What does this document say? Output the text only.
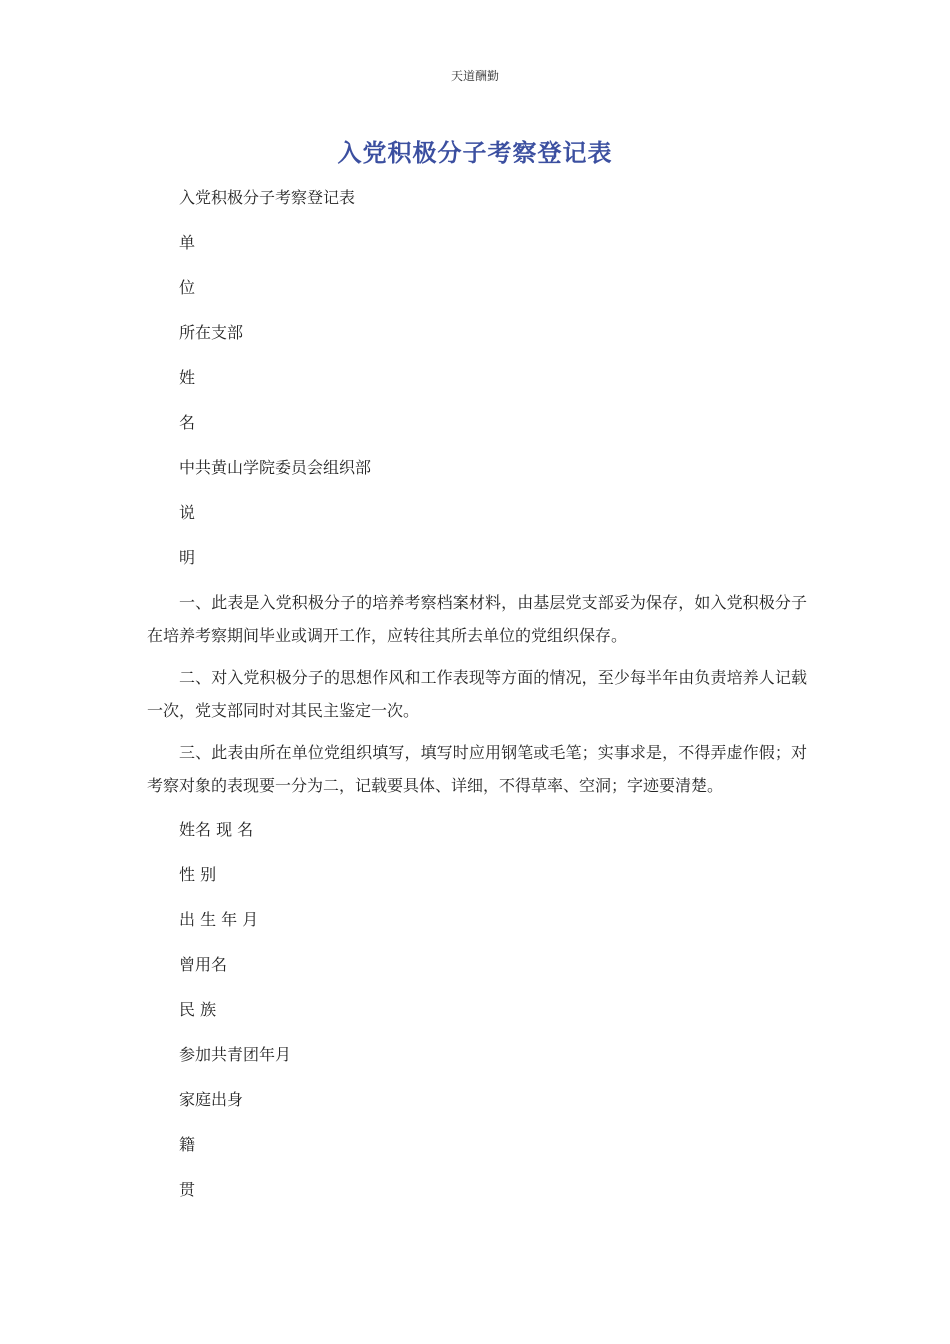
天道酬勤
入党积极分子考察登记表
入党积极分子考察登记表
单
位
所在支部
姓
名
中共黄山学院委员会组织部
说
明

一、此表是入党积极分子的培养考察档案材料，由基层党支部妥为保存，如入党积极分子在培养考察期间毕业或调开工作，应转往其所去单位的党组织保存。

二、对入党积极分子的思想作风和工作表现等方面的情况，至少每半年由负责培养人记载一次，党支部同时对其民主鉴定一次。

三、此表由所在单位党组织填写，填写时应用钢笔或毛笔；实事求是，不得弄虚作假；对考察对象的表现要一分为二，记载要具体、详细，不得草率、空洞；字迹要清楚。

姓名 现 名
性 别
出 生 年 月
曾用名
民 族
参加共青团年月
家庭出身
籍
贯
